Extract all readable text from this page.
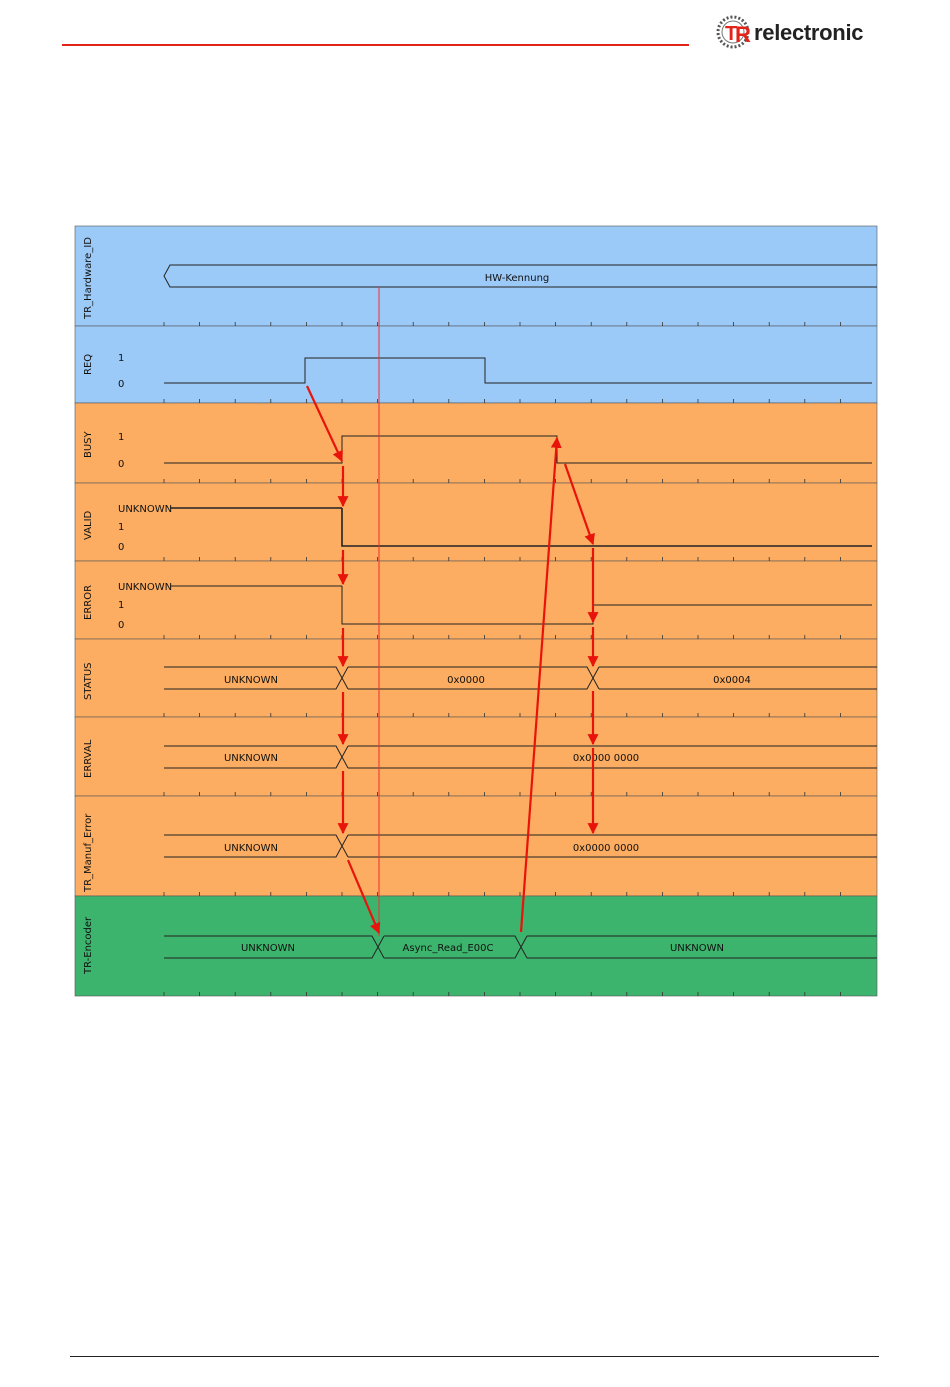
T
R relectronic
TR_Hardware_ID
REQ
BUSY
VALID
ERROR
STATUS
ERRVAL
TR_Manuf_Error
TR-Encoder
1
0
1
0
UNKNOWN
1
0
UNKNOWN
1
0
HW-Kennung
UNKNOWN	0x0000	0x0004
UNKNOWN	0x0000 0000
UNKNOWN	0x0000 0000
UNKNOWN	Async_Read_E00C	UNKNOWN
